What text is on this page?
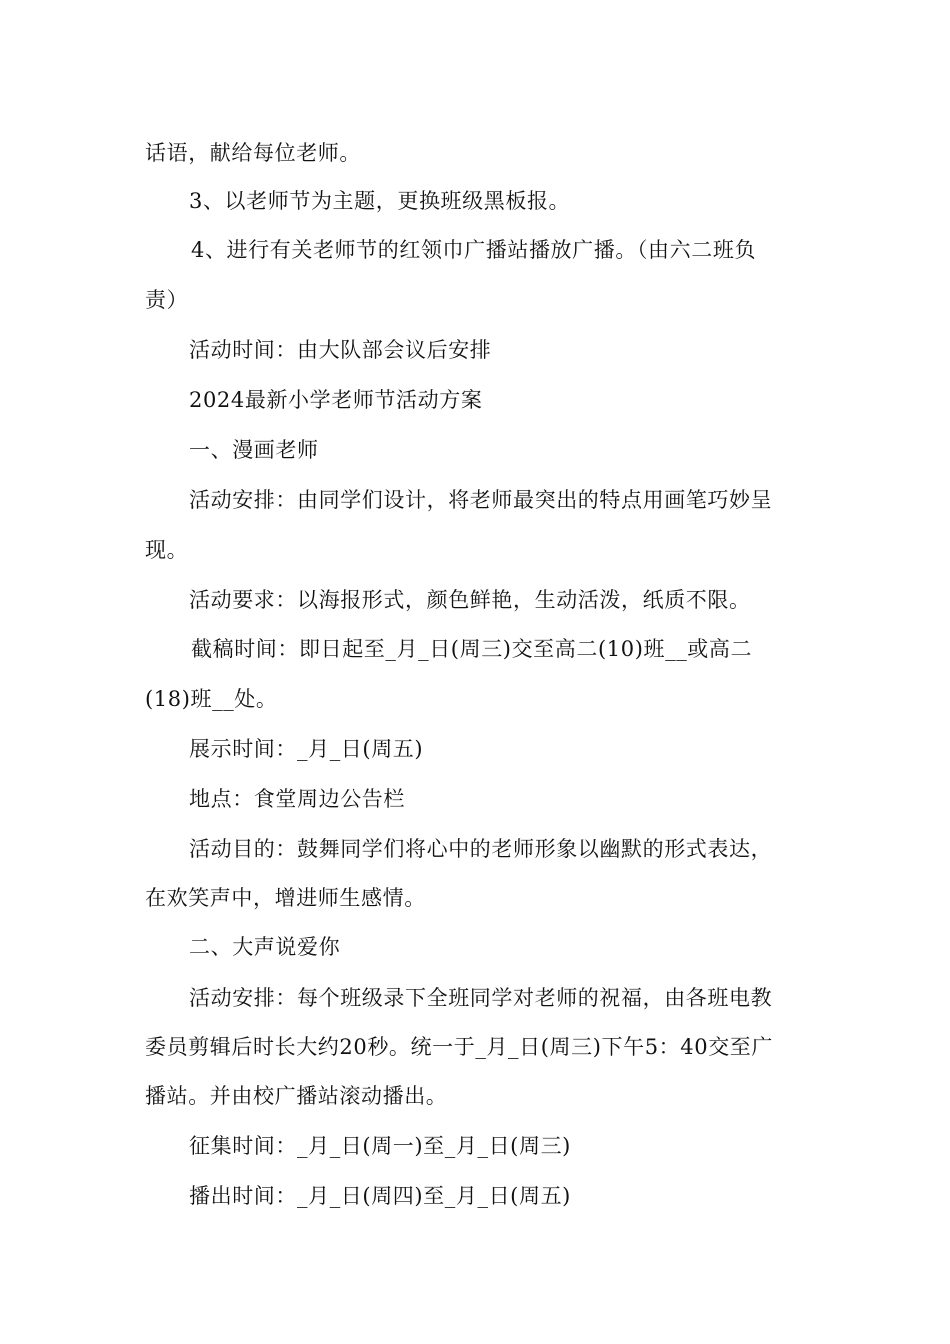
话语，献给每位老师。
3、以老师节为主题，更换班级黑板报。
4、进行有关老师节的红领巾广播站播放广播。（由六二班负
责）
活动时间：由大队部会议后安排
2024最新小学老师节活动方案
一、漫画老师
活动安排：由同学们设计，将老师最突出的特点用画笔巧妙呈
现。
活动要求：以海报形式，颜色鲜艳，生动活泼，纸质不限。
截稿时间：即日起至_月_日(周三)交至高二(10)班__或高二
(18)班__处。
展示时间：_月_日(周五)
地点：食堂周边公告栏
活动目的：鼓舞同学们将心中的老师形象以幽默的形式表达，
在欢笑声中，增进师生感情。
二、大声说爱你
活动安排：每个班级录下全班同学对老师的祝福，由各班电教
委员剪辑后时长大约20秒。统一于_月_日(周三)下午5：40交至广
播站。并由校广播站滚动播出。
征集时间：_月_日(周一)至_月_日(周三)
播出时间：_月_日(周四)至_月_日(周五)
